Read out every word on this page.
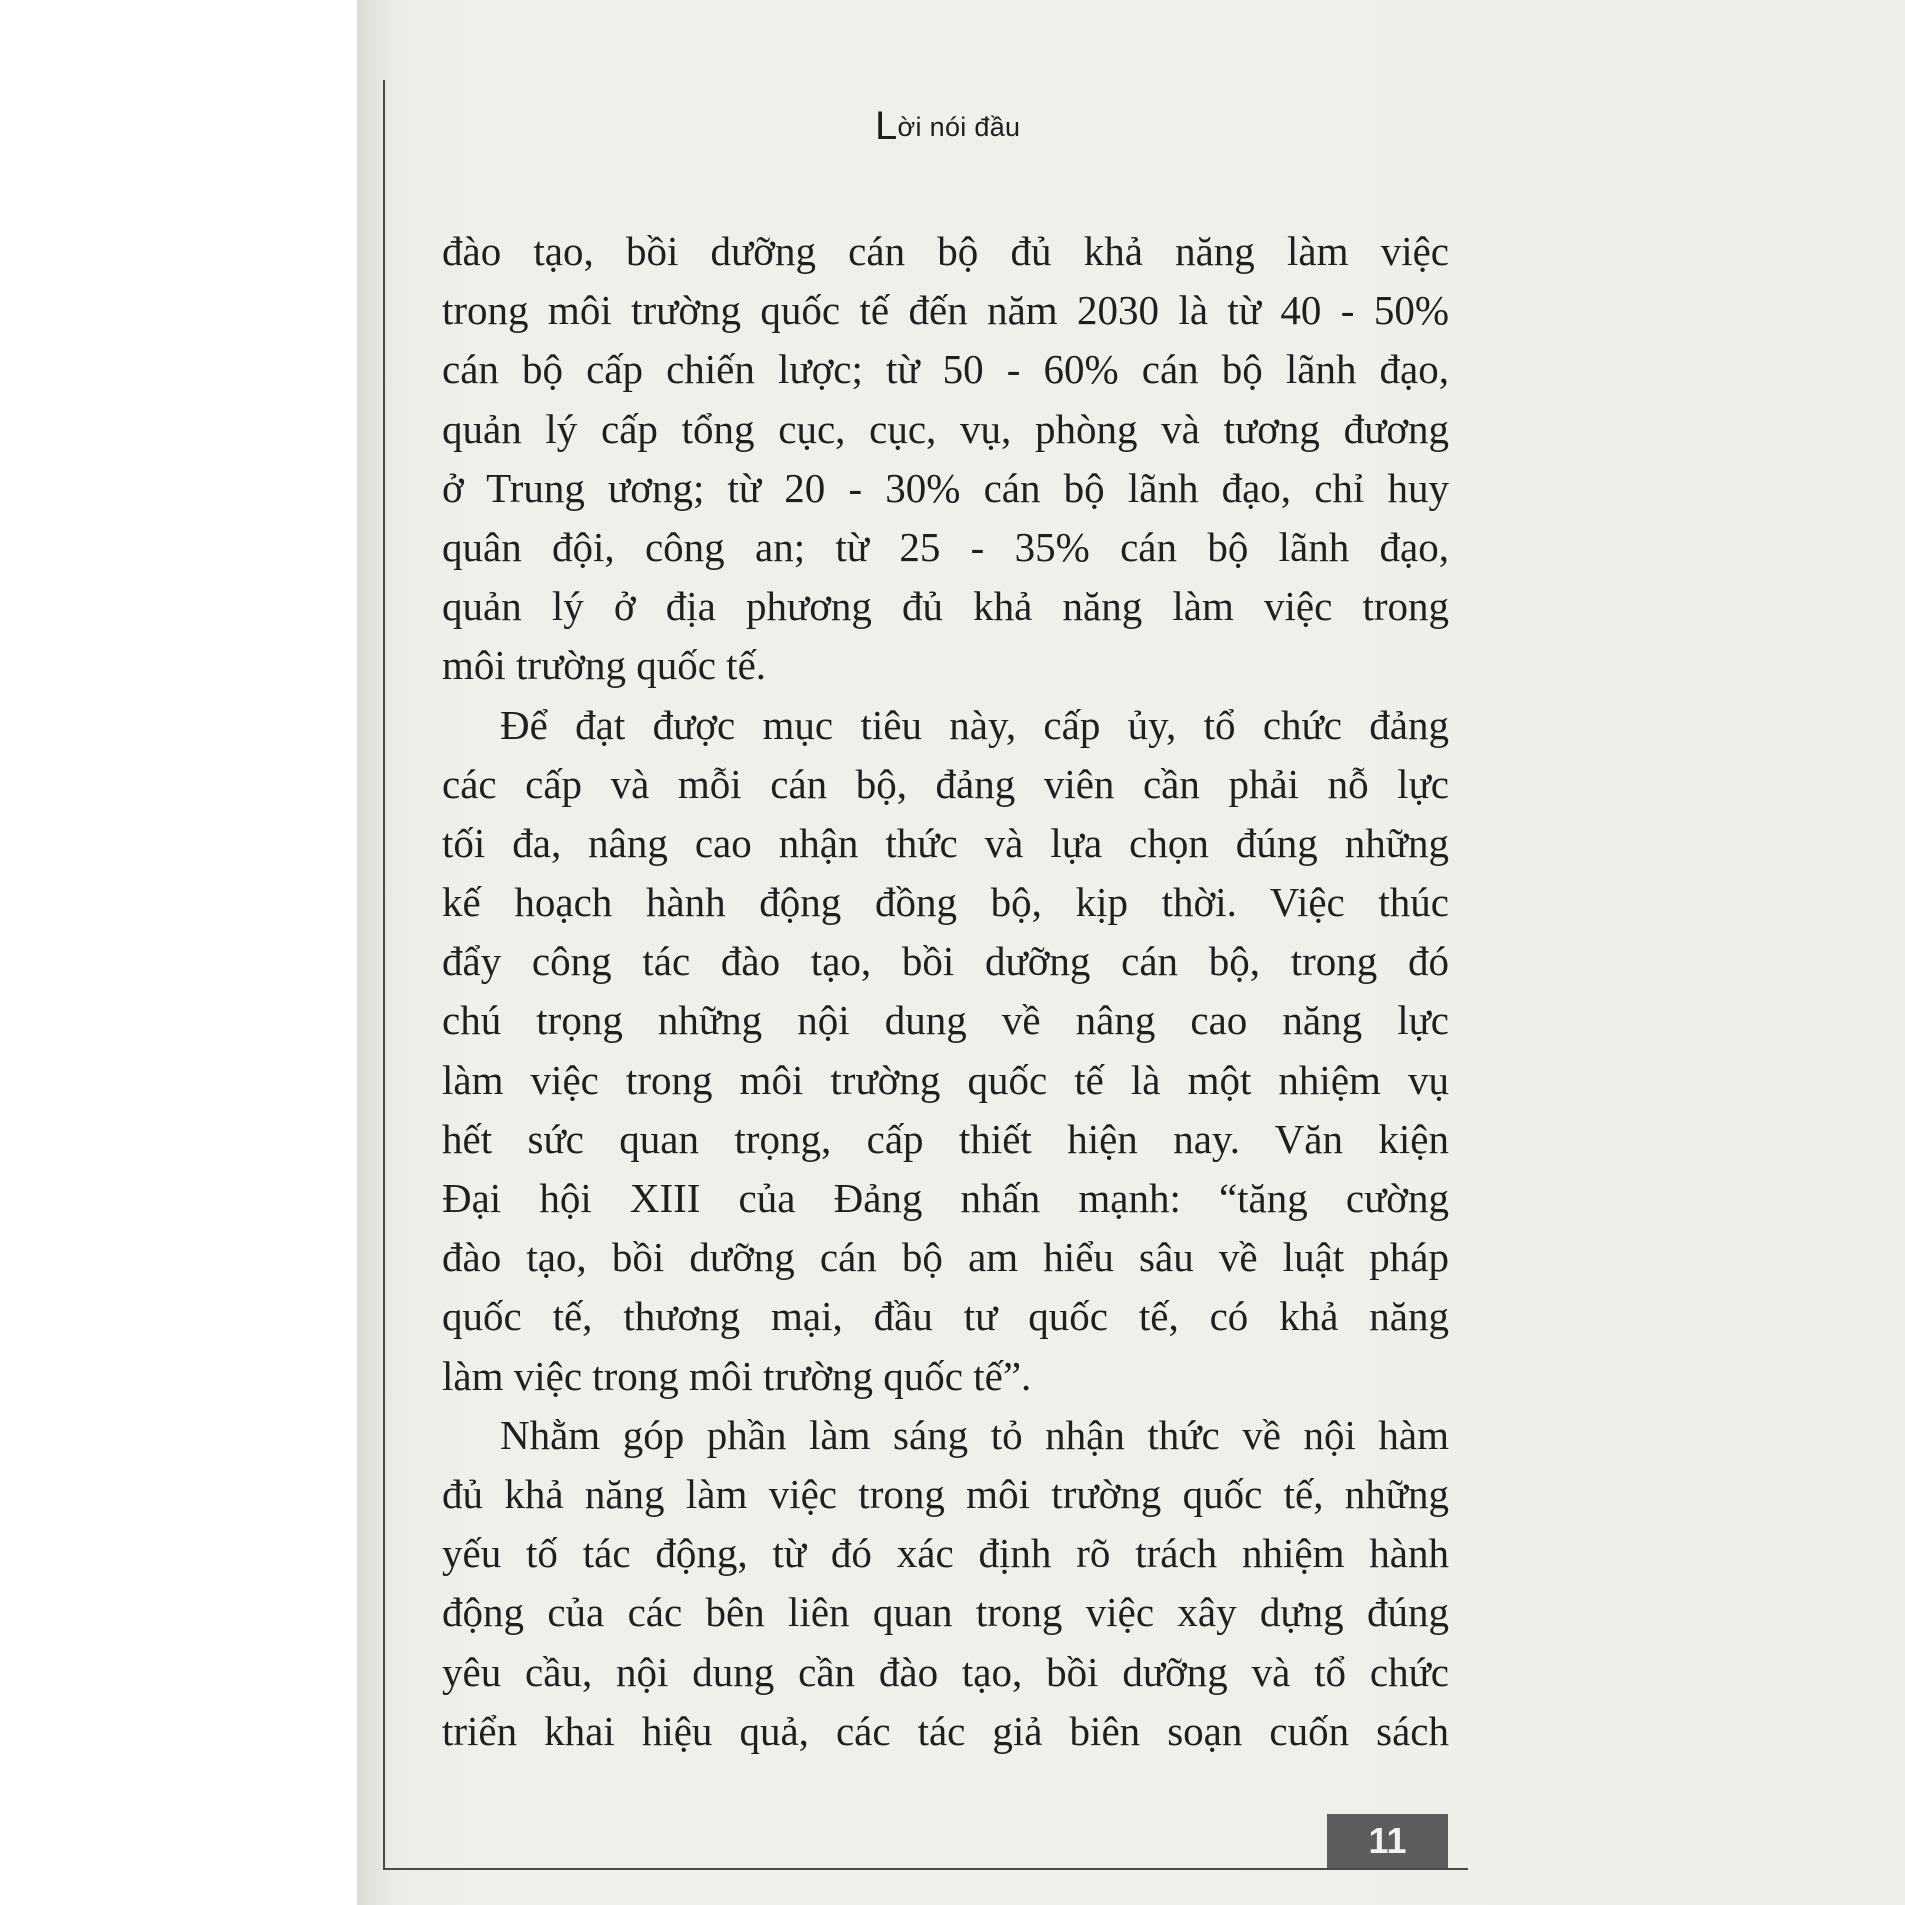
Lời nói đầu
đào tạo, bồi dưỡng cán bộ đủ khả năng làm việc
trong môi trường quốc tế đến năm 2030 là từ 40 - 50%
cán bộ cấp chiến lược; từ 50 - 60% cán bộ lãnh đạo,
quản lý cấp tổng cục, cục, vụ, phòng và tương đương
ở Trung ương; từ 20 - 30% cán bộ lãnh đạo, chỉ huy
quân đội, công an; từ 25 - 35% cán bộ lãnh đạo,
quản lý ở địa phương đủ khả năng làm việc trong
môi trường quốc tế.
Để đạt được mục tiêu này, cấp ủy, tổ chức đảng
các cấp và mỗi cán bộ, đảng viên cần phải nỗ lực
tối đa, nâng cao nhận thức và lựa chọn đúng những
kế hoạch hành động đồng bộ, kịp thời. Việc thúc
đẩy công tác đào tạo, bồi dưỡng cán bộ, trong đó
chú trọng những nội dung về nâng cao năng lực
làm việc trong môi trường quốc tế là một nhiệm vụ
hết sức quan trọng, cấp thiết hiện nay. Văn kiện
Đại hội XIII của Đảng nhấn mạnh: “tăng cường
đào tạo, bồi dưỡng cán bộ am hiểu sâu về luật pháp
quốc tế, thương mại, đầu tư quốc tế, có khả năng
làm việc trong môi trường quốc tế”.
Nhằm góp phần làm sáng tỏ nhận thức về nội hàm
đủ khả năng làm việc trong môi trường quốc tế, những
yếu tố tác động, từ đó xác định rõ trách nhiệm hành
động của các bên liên quan trong việc xây dựng đúng
yêu cầu, nội dung cần đào tạo, bồi dưỡng và tổ chức
triển khai hiệu quả, các tác giả biên soạn cuốn sách
11
